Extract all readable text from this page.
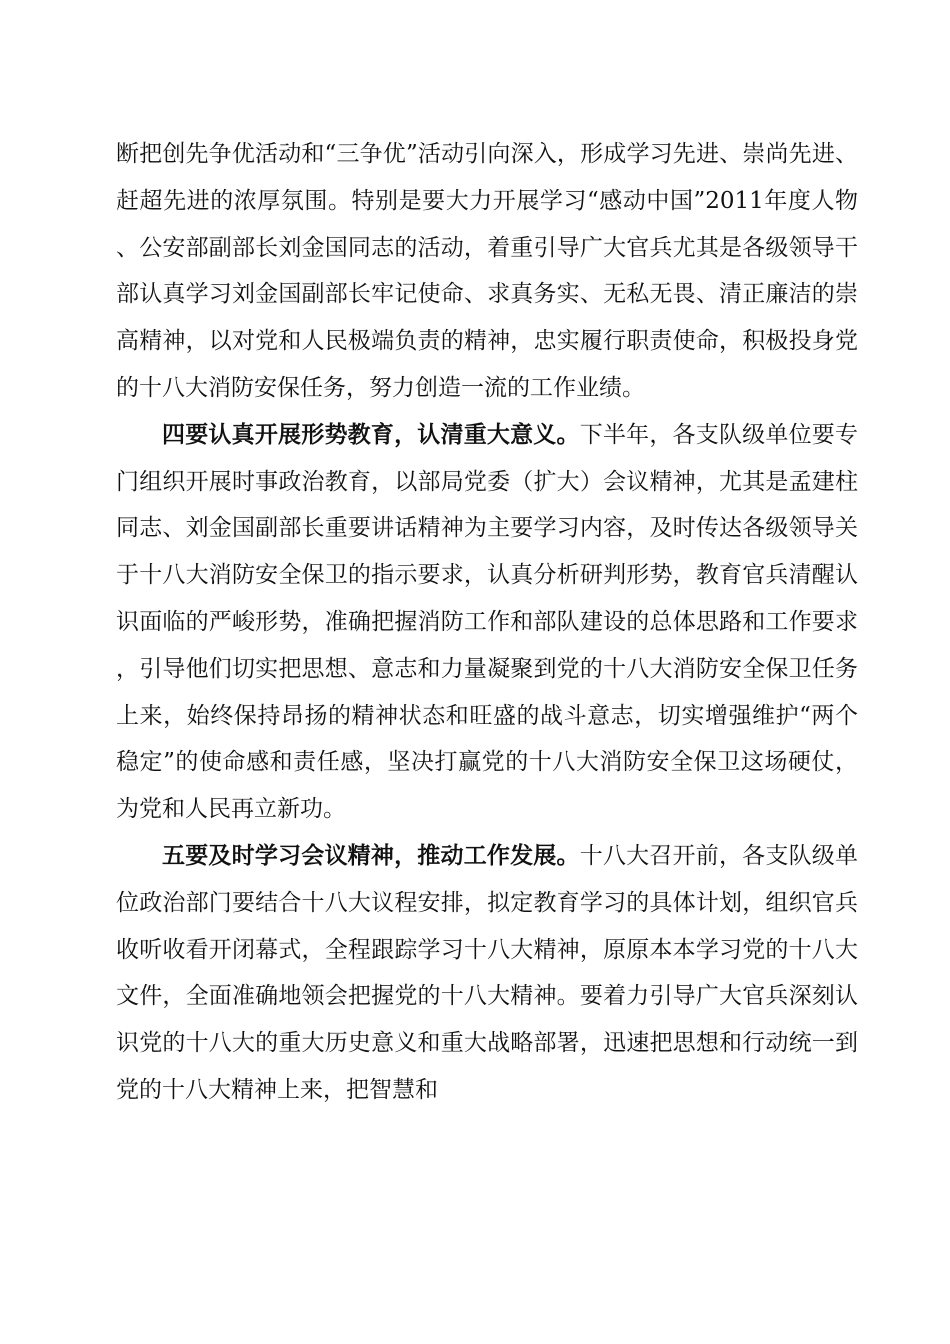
断把创先争优活动和“三争优”活动引向深入，形成学习先进、崇尚先进、赶超先进的浓厚氛围。特别是要大力开展学习“感动中国”2011年度人物、公安部副部长刘金国同志的活动，着重引导广大官兵尤其是各级领导干部认真学习刘金国副部长牢记使命、求真务实、无私无畏、清正廉洁的崇高精神，以对党和人民极端负责的精神，忠实履行职责使命，积极投身党的十八大消防安保任务，努力创造一流的工作业绩。

四要认真开展形势教育，认清重大意义。下半年，各支队级单位要专门组织开展时事政治教育，以部局党委（扩大）会议精神，尤其是孟建柱同志、刘金国副部长重要讲话精神为主要学习内容，及时传达各级领导关于十八大消防安全保卫的指示要求，认真分析研判形势，教育官兵清醒认识面临的严峻形势，准确把握消防工作和部队建设的总体思路和工作要求，引导他们切实把思想、意志和力量凝聚到党的十八大消防安全保卫任务上来，始终保持昂扬的精神状态和旺盛的战斗意志，切实增强维护“两个稳定”的使命感和责任感，坚决打赢党的十八大消防安全保卫这场硬仗，为党和人民再立新功。

五要及时学习会议精神，推动工作发展。十八大召开前，各支队级单位政治部门要结合十八大议程安排，拟定教育学习的具体计划，组织官兵收听收看开闭幕式，全程跟踪学习十八大精神，原原本本学习党的十八大文件，全面准确地领会把握党的十八大精神。要着力引导广大官兵深刻认识党的十八大的重大历史意义和重大战略部署，迅速把思想和行动统一到党的十八大精神上来，把智慧和
